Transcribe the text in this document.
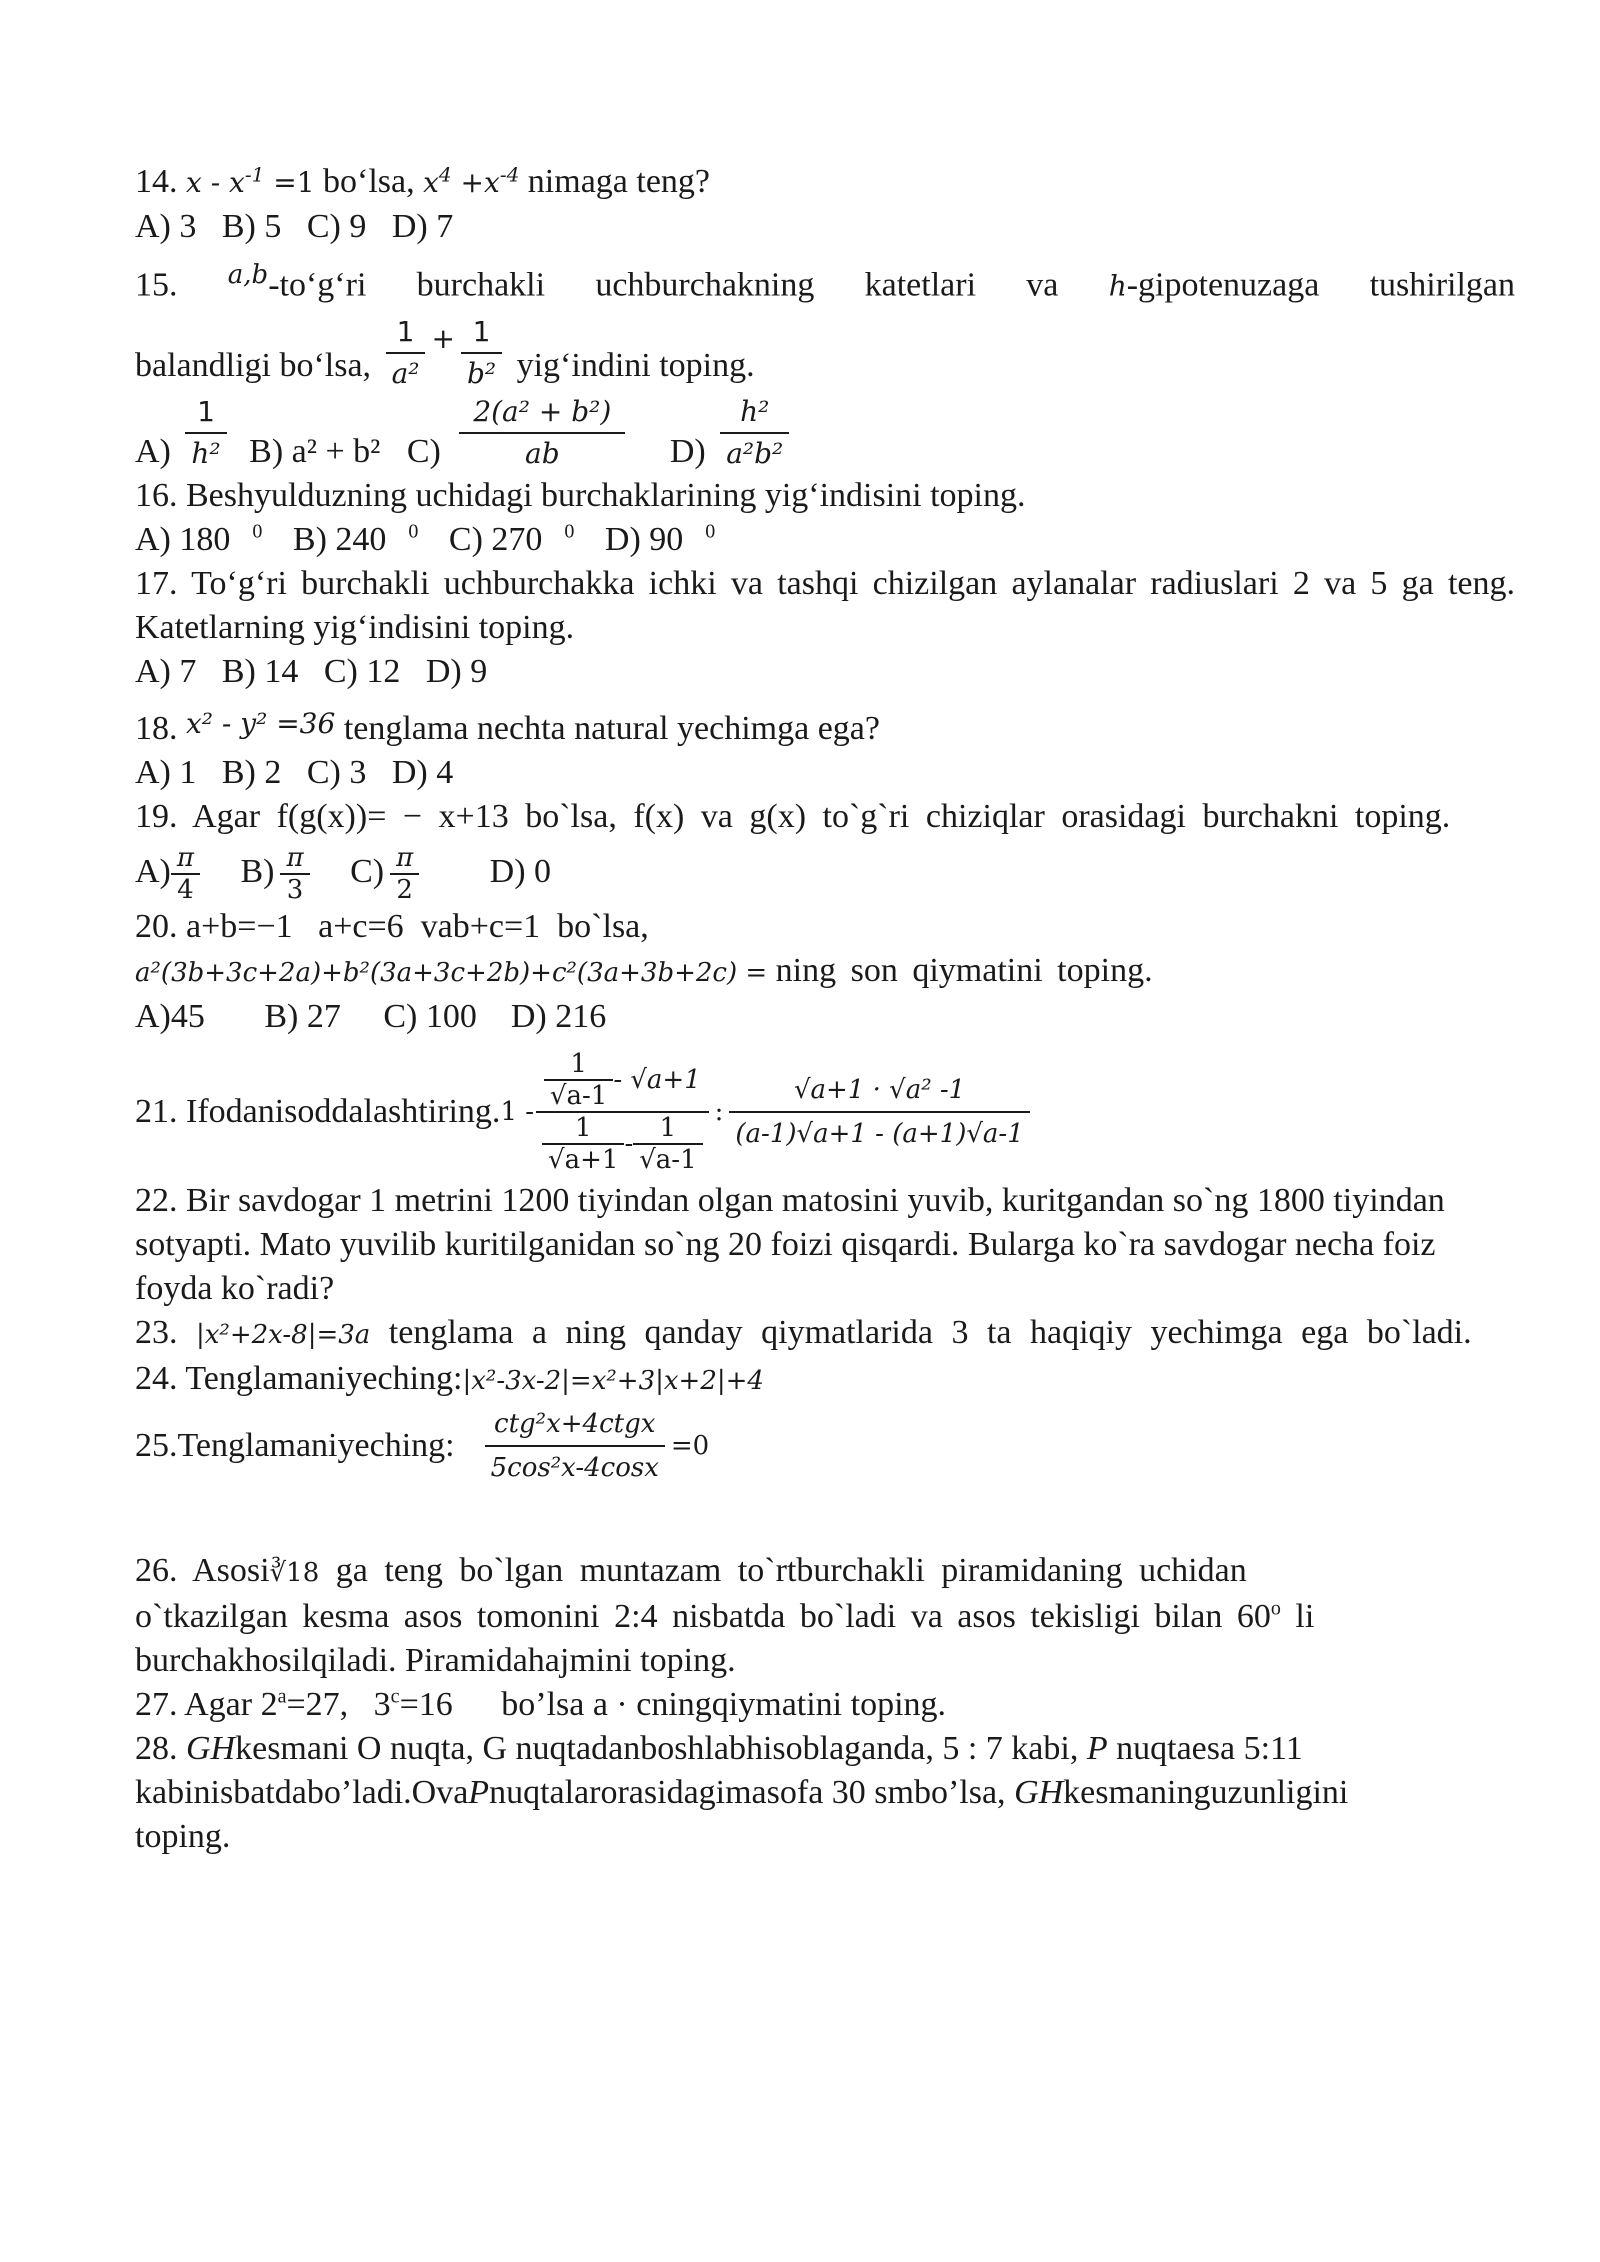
14. $x - x^{-1} =1$ bo‘lsa, $x^4 +x^{-4}$ nimaga teng?

A) 3   B) 5   C) 9   D) 7

15. $^{a,b}$-to‘g‘ri burchakli uchburchakning katetlari va h-gipotenuzaga tushirilgan

balandligi bo‘lsa, $\frac{1}{\text{a²}} ^+ \frac{1}{\text{b²}}$ yig‘indini toping.

$A) \frac{1}{\text{h²}} B$) a² + b² $C) \frac{\text{2(a² + b²)}}{ab} D) \frac{\text{h²}}{\text{a²b²}}$

16. Beshyulduzning uchidagi burchaklarining yig‘indisini toping.

A) 180 $^0$ B) 240 $^0$ C) 270 $^0$ D) 90 $^0$

17. To‘g‘ri burchakli uchburchakka ichki va tashqi chizilgan aylanalar radiuslari 2 va 5 ga teng. Katetlarning yig‘indisini toping.

A) 7   B) 14   C) 12   D) 9

18. x² - y² =36 tenglama nechta natural yechimga ega?

A) 1   B) 2   C) 3   D) 4

19. Agar f(g(x))= − x+13 bo`lsa, f(x) va g(x) to`g`ri chiziqlar orasidagi burchakni toping.

$A) \frac{\pi}{4} B) \frac{\pi}{3} C) \frac{\pi}{2} D$) 0

20. a+b=−1   a+c=6  vab+c=1  bo`lsa,

a²(3b+3c+2a)+b²(3a+3c+2b)+c²(3a+3b+2c) = ning son qiymatini toping.

A)45       B) 27     C) 100    D) 216

21. Ifodanisoddalashtiring. $1 - \frac{\frac{1}{√a-1} - √a+1}{\frac{1}{√a+1} - \frac{1}{√a-1}}$ : $\frac{\text{√a+1 · √a² -1}}{(a-1)√a+1 - (a+1)√a-1}$

22. Bir savdogar 1 metrini 1200 tiyindan olgan matosini yuvib, kuritgandan so`ng 1800 tiyindan sotyapti. Mato yuvilib kuritilganidan so`ng 20 foizi qisqardi. Bularga ko`ra savdogar necha foiz foyda ko`radi?

23. |x²+2x-8|=3a tenglama a ning qanday qiymatlarida 3 ta haqiqiy yechimga ega bo`ladi.

24. Tenglamaniyeching:|x²-3x-2|=x²+3|x+2|+4

25.Tenglamaniyeching: $\frac{\text{ctg²x+4ctgx}}{\text{5cos²x-4cosx}} =0$

26. Asosi∛18 ga teng bo`lgan muntazam to`rtburchakli piramidaning uchidan

o`tkazilgan kesma asos tomonini 2:4 nisbatda bo`ladi va asos tekisligi bilan 60$^o$ li

burchakhosilqiladi. Piramidahajmini toping.

27. Agar $2^a=27$,   $3^c=16$ bo’lsa a · cningqiymatini toping.

28. GHkesmani O nuqta, G nuqtadanboshlabhisoblaganda, 5 : 7 kabi, P nuqtaesa 5:11

kabinisbatdabo’ladi.OvaPnuqtalarorasidagimasofa 30 smbo’lsa, GHkesmaninguzunligini

toping.
